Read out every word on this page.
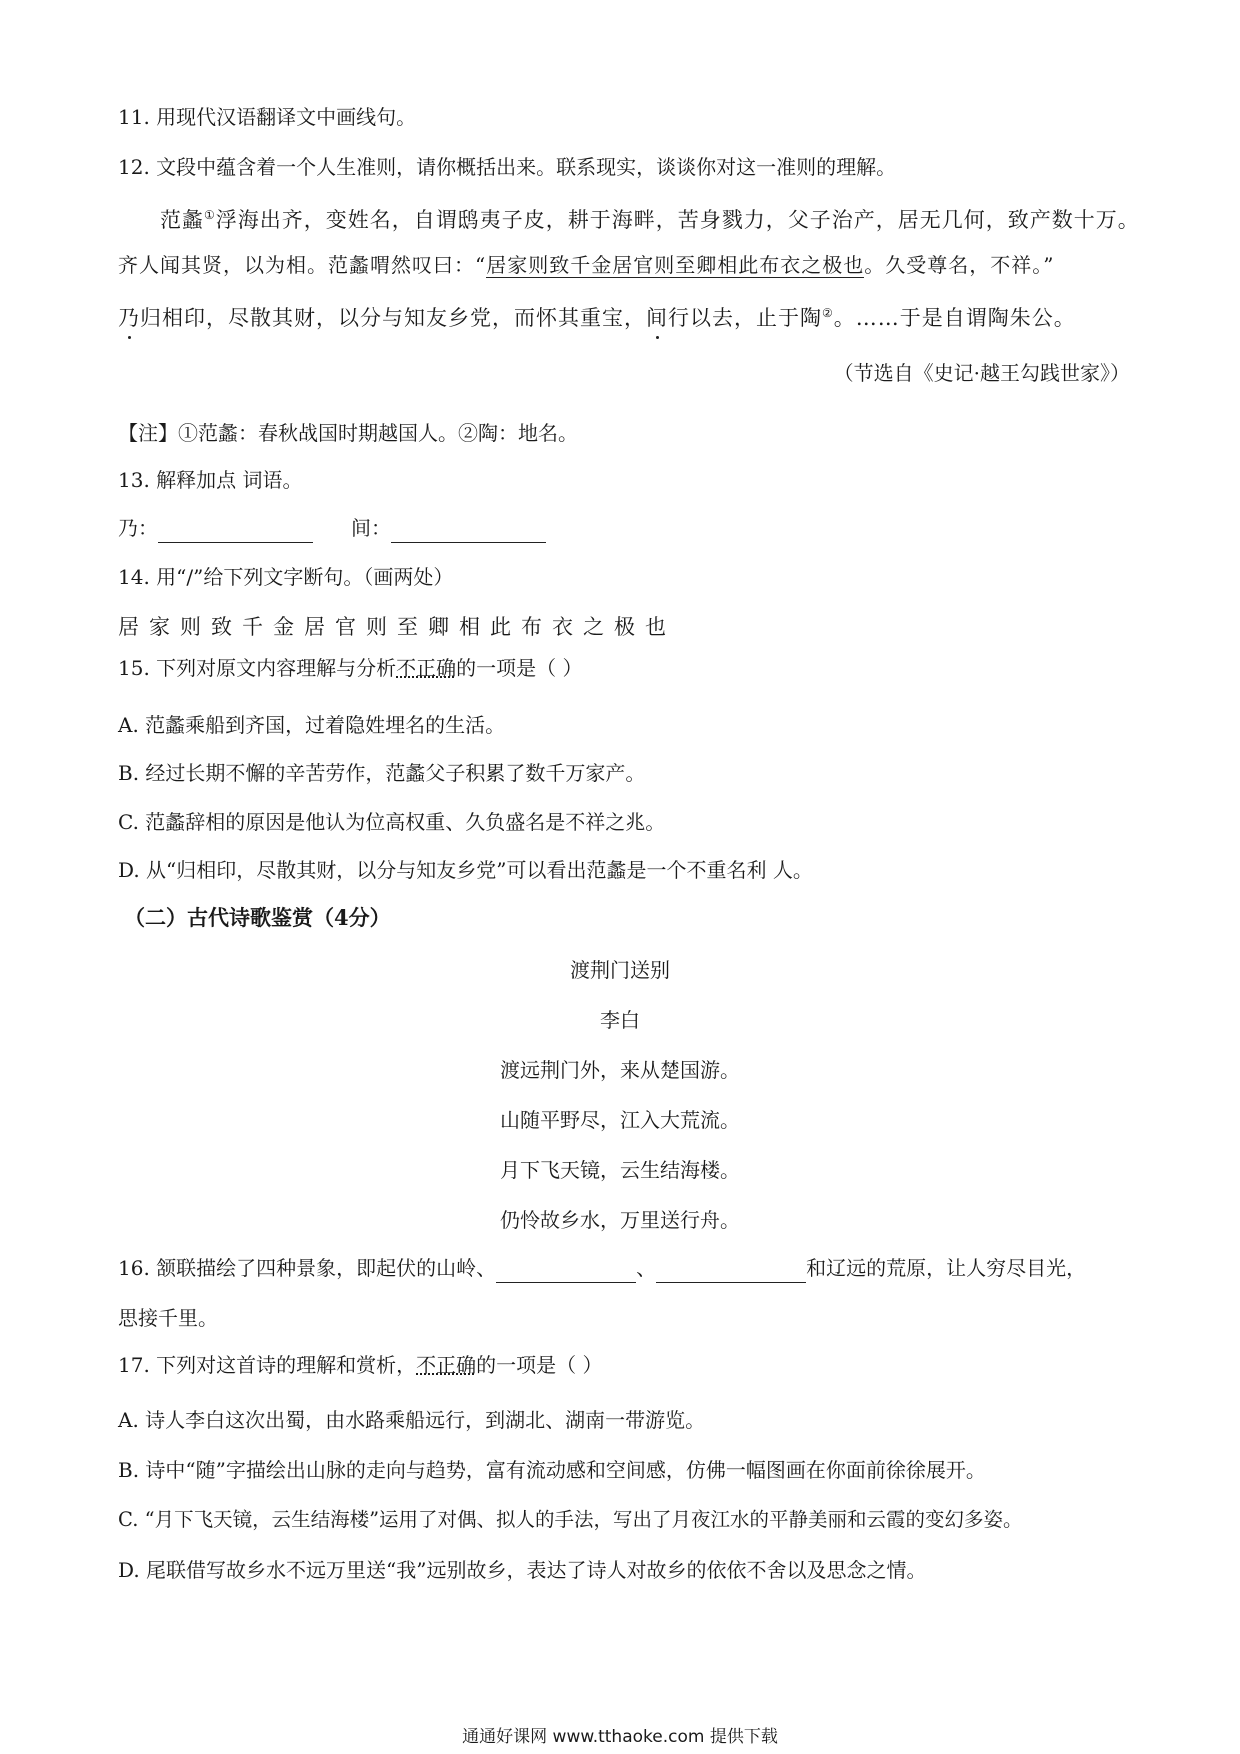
11. 用现代汉语翻译文中画线句。
12. 文段中蕴含着一个人生准则，请你概括出来。联系现实，谈谈你对这一准则的理解。
范蠡①浮海出齐，变姓名，自谓鸱夷子皮，耕于海畔，苦身戮力，父子治产，居无几何，致产数十万。
齐人闻其贤，以为相。范蠡喟然叹曰：“居家则致千金居官则至卿相此布衣之极也。久受尊名，不祥。”
乃归相印，尽散其财，以分与知友乡党，而怀其重宝，间行以去，止于陶②。……于是自谓陶朱公。
（节选自《史记·越王勾践世家》）
【注】①范蠡：春秋战国时期越国人。②陶：地名。
13. 解释加点 词语。
乃：	间：
14. 用“/”给下列文字断句。（画两处）
居家则致千金居官则至卿相此布衣之极也
15. 下列对原文内容理解与分析不正确的一项是（ ）
A. 范蠡乘船到齐国，过着隐姓埋名的生活。
B. 经过长期不懈的辛苦劳作，范蠡父子积累了数千万家产。
C. 范蠡辞相的原因是他认为位高权重、久负盛名是不祥之兆。
D. 从“归相印，尽散其财，以分与知友乡党”可以看出范蠡是一个不重名利 人。
（二）古代诗歌鉴赏（4分）
渡荆门送别
李白
渡远荆门外，来从楚国游。
山随平野尽，江入大荒流。
月下飞天镜，云生结海楼。
仍怜故乡水，万里送行舟。
16. 颔联描绘了四种景象，即起伏的山岭、	、	和辽远的荒原，让人穷尽目光，
思接千里。
17. 下列对这首诗的理解和赏析，不正确的一项是（ ）
A. 诗人李白这次出蜀，由水路乘船远行，到湖北、湖南一带游览。
B. 诗中“随”字描绘出山脉的走向与趋势，富有流动感和空间感，仿佛一幅图画在你面前徐徐展开。
C. “月下飞天镜，云生结海楼”运用了对偶、拟人的手法，写出了月夜江水的平静美丽和云霞的变幻多姿。
D. 尾联借写故乡水不远万里送“我”远别故乡，表达了诗人对故乡的依依不舍以及思念之情。
通通好课网 www.tthaoke.com 提供下载
